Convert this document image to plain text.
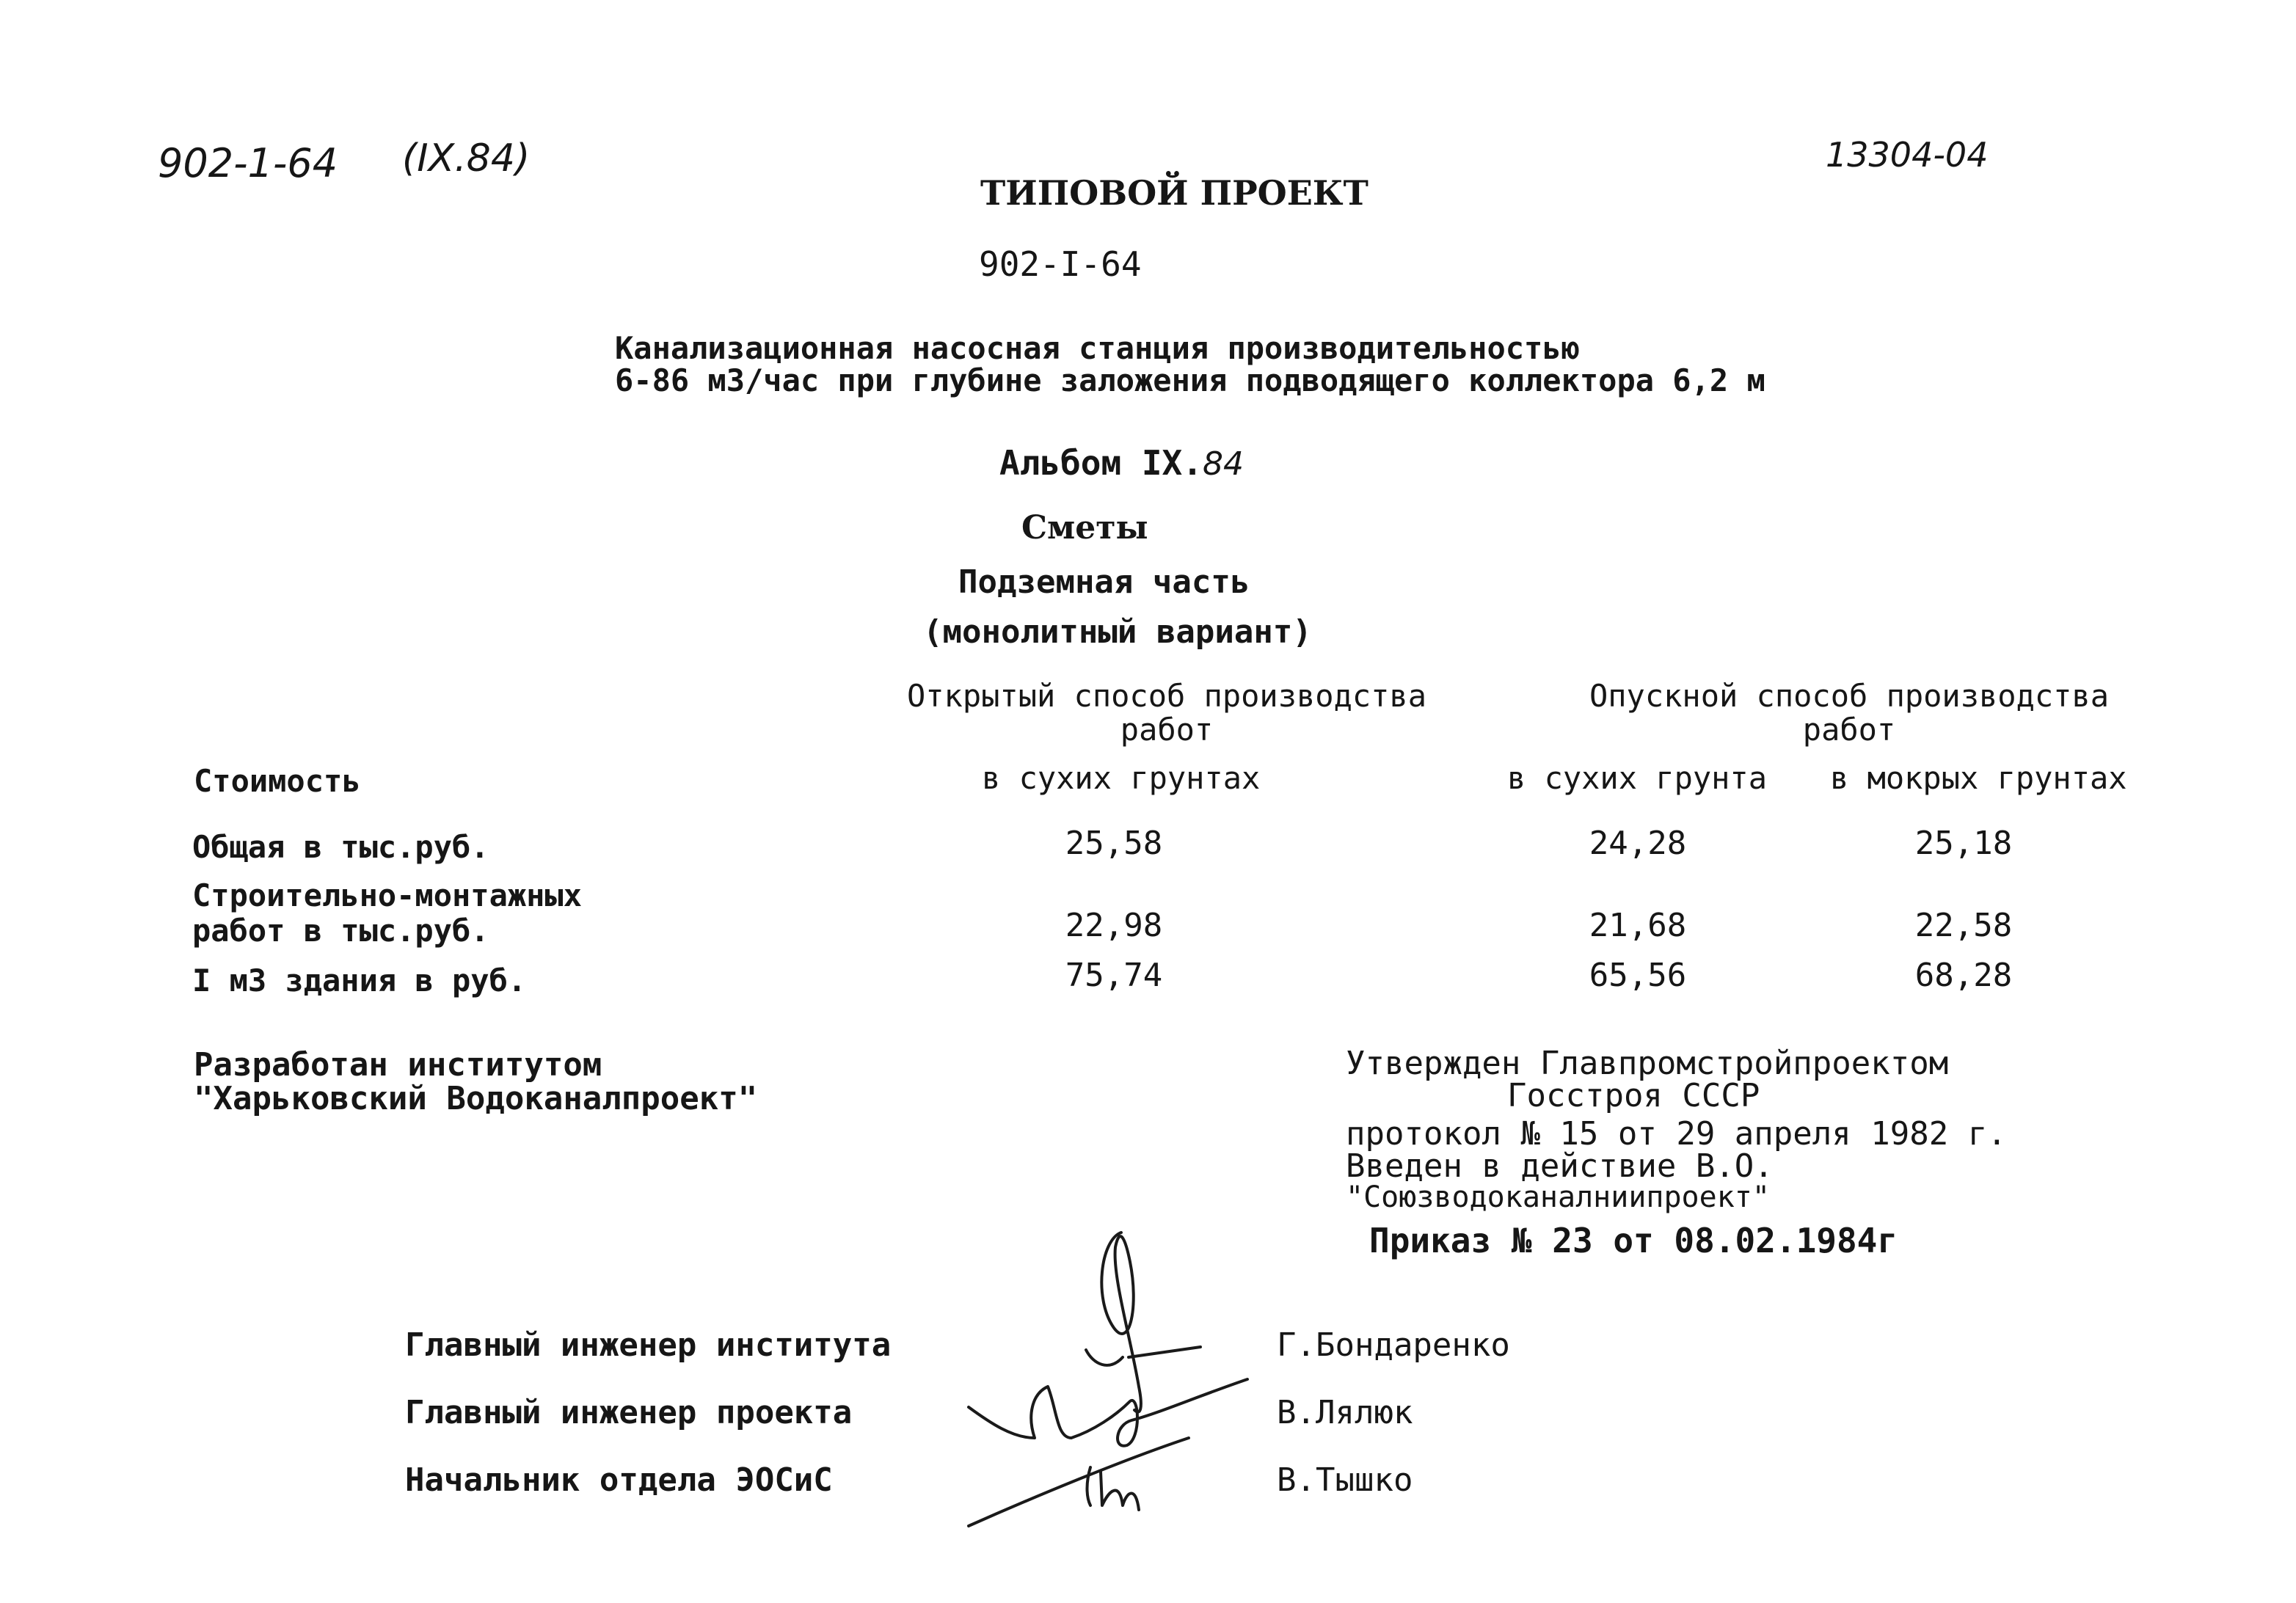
902-1-64 (IX.84)	13304-04
ТИПОВОЙ ПРОЕКТ
902-I-64
Канализационная насосная станция производительностью
6-86 м3/час при глубине заложения подводящего коллектора 6,2 м
Альбом IX.84
Сметы
Подземная часть
(монолитный вариант)
Открытый способ производства
работ
Опускной способ производства
работ
Стоимость	в сухих грунтах	в сухих грунта в мокрых грунтах
Общая в тыс.руб.	25,58	24,28	25,18
Строительно-монтажных
работ в тыс.руб.	22,98	21,68	22,58
I м3 здания в руб.	75,74	65,56	68,28
Разработан институтом
"Харьковский Водоканалпроект"
Утвержден Главпромстройпроектом
Госстроя СССР
протокол № 15 от 29 апреля 1982 г.
Введен в действие В.О.
"Союзводоканалниипроект"
Приказ № 23 от 08.02.1984г
Главный инженер института	Г.Бондаренко
Главный инженер проекта	В.Лялюк
Начальник отдела ЭОСиС	В.Тышко
